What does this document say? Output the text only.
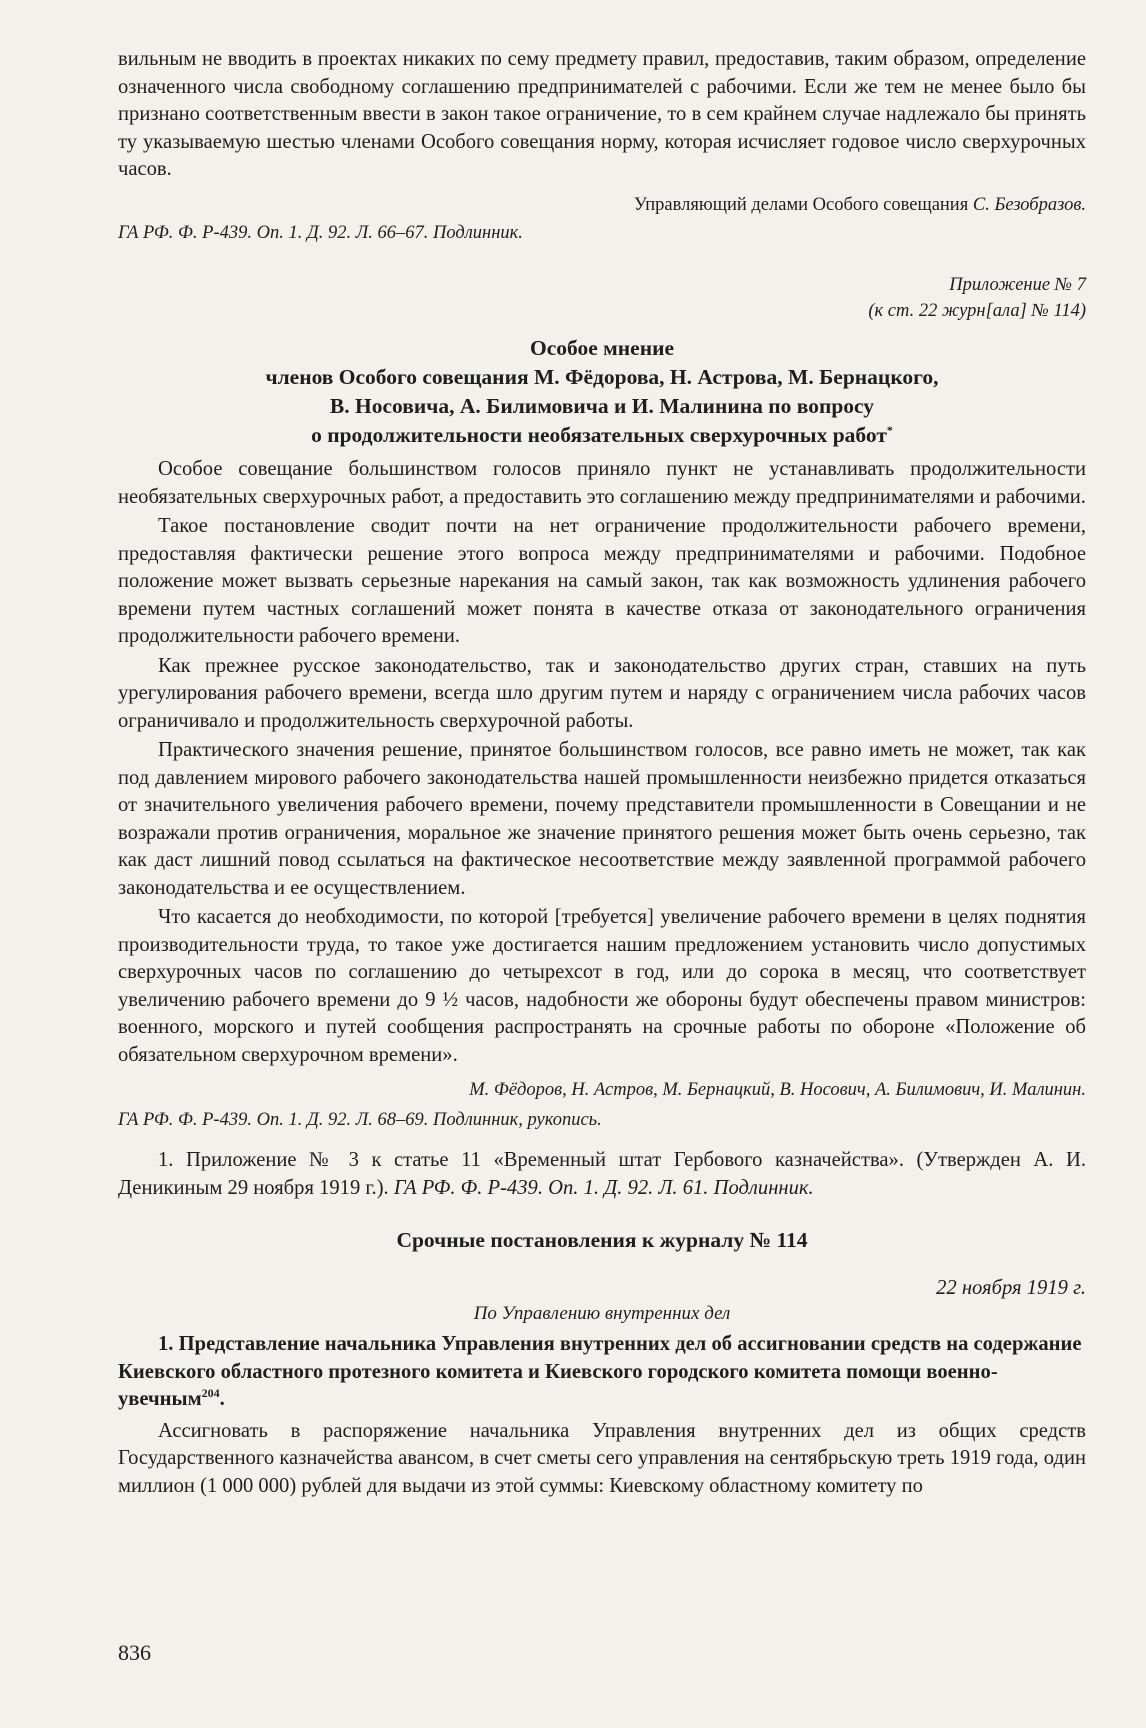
вильным не вводить в проектах никаких по сему предмету правил, предоставив, таким образом, определение означенного числа свободному соглашению предпринимателей с рабочими. Если же тем не менее было бы признано соответственным ввести в закон такое ограничение, то в сем крайнем случае надлежало бы принять ту указываемую шестью членами Особого совещания норму, которая исчисляет годовое число сверхурочных часов.

Управляющий делами Особого совещания С. Безобразов.

ГА РФ. Ф. Р-439. Оп. 1. Д. 92. Л. 66–67. Подлинник.

Приложение № 7

(к ст. 22 журн[ала] № 114)

Особое мнение

членов Особого совещания М. Фёдорова, Н. Астрова, М. Бернацкого,

В. Носовича, А. Билимовича и И. Малинина по вопросу

о продолжительности необязательных сверхурочных работ*

Особое совещание большинством голосов приняло пункт не устанавливать продолжительности необязательных сверхурочных работ, а предоставить это соглашению между предпринимателями и рабочими.

Такое постановление сводит почти на нет ограничение продолжительности рабочего времени, предоставляя фактически решение этого вопроса между предпринимателями и рабочими. Подобное положение может вызвать серьезные нарекания на самый закон, так как возможность удлинения рабочего времени путем частных соглашений может понята в качестве отказа от законодательного ограничения продолжительности рабочего времени.

Как прежнее русское законодательство, так и законодательство других стран, ставших на путь урегулирования рабочего времени, всегда шло другим путем и наряду с ограничением числа рабочих часов ограничивало и продолжительность сверхурочной работы.

Практического значения решение, принятое большинством голосов, все равно иметь не может, так как под давлением мирового рабочего законодательства нашей промышленности неизбежно придется отказаться от значительного увеличения рабочего времени, почему представители промышленности в Совещании и не возражали против ограничения, моральное же значение принятого решения может быть очень серьезно, так как даст лишний повод ссылаться на фактическое несоответствие между заявленной программой рабочего законодательства и ее осуществлением.

Что касается до необходимости, по которой [требуется] увеличение рабочего времени в целях поднятия производительности труда, то такое уже достигается нашим предложением установить число допустимых сверхурочных часов по соглашению до четырехсот в год, или до сорока в месяц, что соответствует увеличению рабочего времени до 9 ½ часов, надобности же обороны будут обеспечены правом министров: военного, морского и путей сообщения распространять на срочные работы по обороне «Положение об обязательном сверхурочном времени».

М. Фёдоров, Н. Астров, М. Бернацкий, В. Носович, А. Билимович, И. Малинин.

ГА РФ. Ф. Р-439. Оп. 1. Д. 92. Л. 68–69. Подлинник, рукопись.

1. Приложение № 3 к статье 11 «Временный штат Гербового казначейства». (Утвержден А. И. Деникиным 29 ноября 1919 г.). ГА РФ. Ф. Р-439. Оп. 1. Д. 92. Л. 61. Подлинник.

Срочные постановления к журналу № 114

22 ноября 1919 г.

По Управлению внутренних дел

1. Представление начальника Управления внутренних дел об ассигновании средств на содержание Киевского областного протезного комитета и Киевского городского комитета помощи военно-увечным$^{204}$.

Ассигновать в распоряжение начальника Управления внутренних дел из общих средств Государственного казначейства авансом, в счет сметы сего управления на сентябрьскую треть 1919 года, один миллион (1 000 000) рублей для выдачи из этой суммы: Киевскому областному комитету по

836
